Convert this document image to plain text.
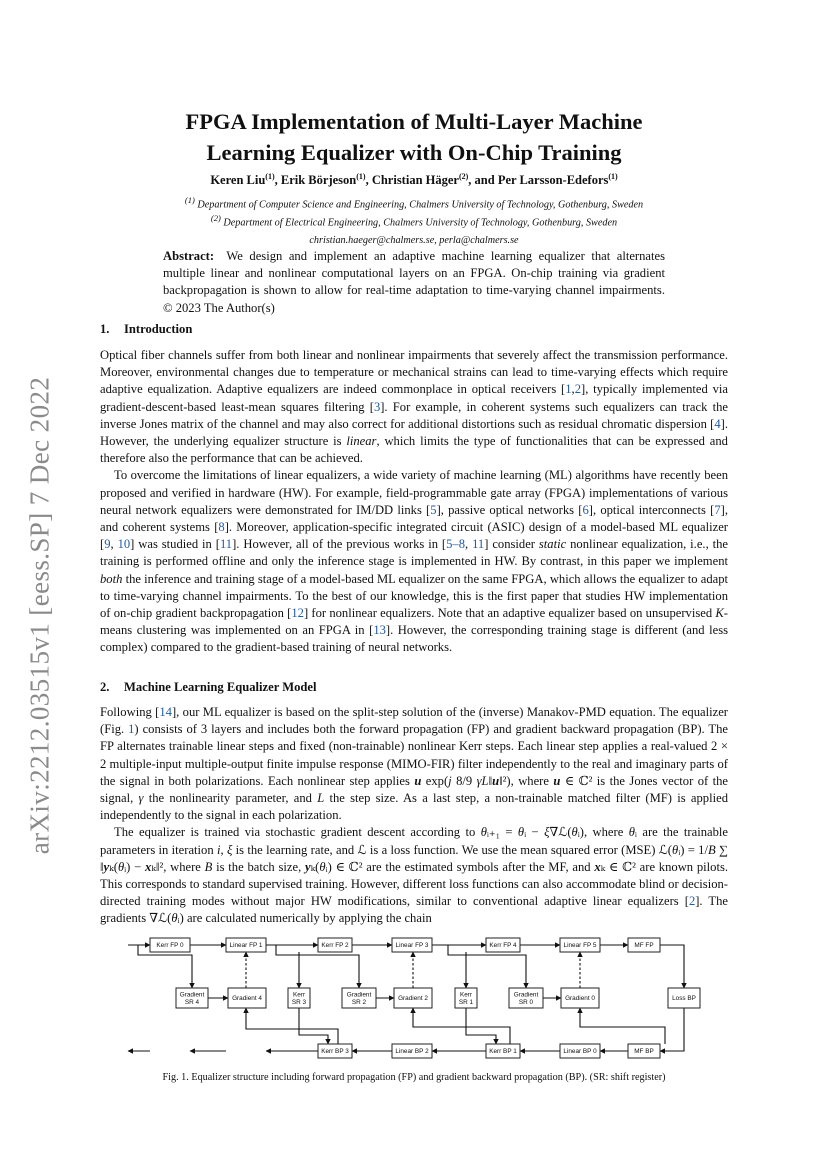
arXiv:2212.03515v1 [eess.SP] 7 Dec 2022
FPGA Implementation of Multi-Layer Machine
Learning Equalizer with On-Chip Training
Keren Liu$^{(1)}$, Erik Börjeson$^{(1)}$, Christian Häger$^{(2)}$, and Per Larsson-Edefors$^{(1)}$
$^{(1)}$ Department of Computer Science and Engineering, Chalmers University of Technology, Gothenburg, Sweden
$^{(2)}$ Department of Electrical Engineering, Chalmers University of Technology, Gothenburg, Sweden
christian.haeger@chalmers.se, perla@chalmers.se
Abstract: We design and implement an adaptive machine learning equalizer that alternates multiple linear and nonlinear computational layers on an FPGA. On-chip training via gradient backpropagation is shown to allow for real-time adaptation to time-varying channel impairments. © 2023 The Author(s)
1. Introduction

Optical fiber channels suffer from both linear and nonlinear impairments that severely affect the transmission performance. Moreover, environmental changes due to temperature or mechanical strains can lead to time-varying effects which require adaptive equalization. Adaptive equalizers are indeed commonplace in optical receivers [1,2], typically implemented via gradient-descent-based least-mean squares filtering [3]. For example, in coherent systems such equalizers can track the inverse Jones matrix of the channel and may also correct for additional distortions such as residual chromatic dispersion [4]. However, the underlying equalizer structure is linear, which limits the type of functionalities that can be expressed and therefore also the performance that can be achieved.

To overcome the limitations of linear equalizers, a wide variety of machine learning (ML) algorithms have recently been proposed and verified in hardware (HW). For example, field-programmable gate array (FPGA) implementations of various neural network equalizers were demonstrated for IM/DD links [5], passive optical networks [6], optical interconnects [7], and coherent systems [8]. Moreover, application-specific integrated circuit (ASIC) design of a model-based ML equalizer [9, 10] was studied in [11]. However, all of the previous works in [5–8, 11] consider static nonlinear equalization, i.e., the training is performed offline and only the inference stage is implemented in HW. By contrast, in this paper we implement both the inference and training stage of a model-based ML equalizer on the same FPGA, which allows the equalizer to adapt to time-varying channel impairments. To the best of our knowledge, this is the first paper that studies HW implementation of on-chip gradient backpropagation [12] for nonlinear equalizers. Note that an adaptive equalizer based on unsupervised K-means clustering was implemented on an FPGA in [13]. However, the corresponding training stage is different (and less complex) compared to the gradient-based training of neural networks.

2. Machine Learning Equalizer Model

Following [14], our ML equalizer is based on the split-step solution of the (inverse) Manakov-PMD equation. The equalizer (Fig. 1) consists of 3 layers and includes both the forward propagation (FP) and gradient backward propagation (BP). The FP alternates trainable linear steps and fixed (non-trainable) nonlinear Kerr steps. Each linear step applies a real-valued 2 × 2 multiple-input multiple-output finite impulse response (MIMO-FIR) filter independently to the real and imaginary parts of the signal in both polarizations. Each nonlinear step applies u exp(j 8/9 γL‖u‖²), where u ∈ ℂ² is the Jones vector of the signal, γ the nonlinearity parameter, and L the step size. As a last step, a non-trainable matched filter (MF) is applied independently to the signal in each polarization.

The equalizer is trained via stochastic gradient descent according to θᵢ₊₁ = θᵢ − ξ∇ℒ(θᵢ), where θᵢ are the trainable parameters in iteration i, ξ is the learning rate, and ℒ is a loss function. We use the mean squared error (MSE) ℒ(θᵢ) = 1/B ∑ ‖yₖ(θᵢ) − xₖ‖², where B is the batch size, yₖ(θᵢ) ∈ ℂ² are the estimated symbols after the MF, and xₖ ∈ ℂ² are known pilots. This corresponds to standard supervised training. However, different loss functions can also accommodate blind or decision-directed training modes without major HW modifications, similar to conventional adaptive linear equalizers [2]. The gradients ∇ℒ(θᵢ) are calculated numerically by applying the chain

Kerr FP 0	Linear FP 1	Kerr FP 2	Linear FP 3	Kerr FP 4	Linear FP 5	MF FP
Gradient
SR 4
Gradient 4
Kerr
SR 3
Gradient
SR 2
Gradient 2
Kerr
SR 1
Gradient
SR 0
Gradient 0	Loss BP
Kerr BP 3	Linear BP 2	Kerr BP 1	Linear BP 0	MF BP
Fig. 1. Equalizer structure including forward propagation (FP) and gradient backward propagation (BP). (SR: shift register)
